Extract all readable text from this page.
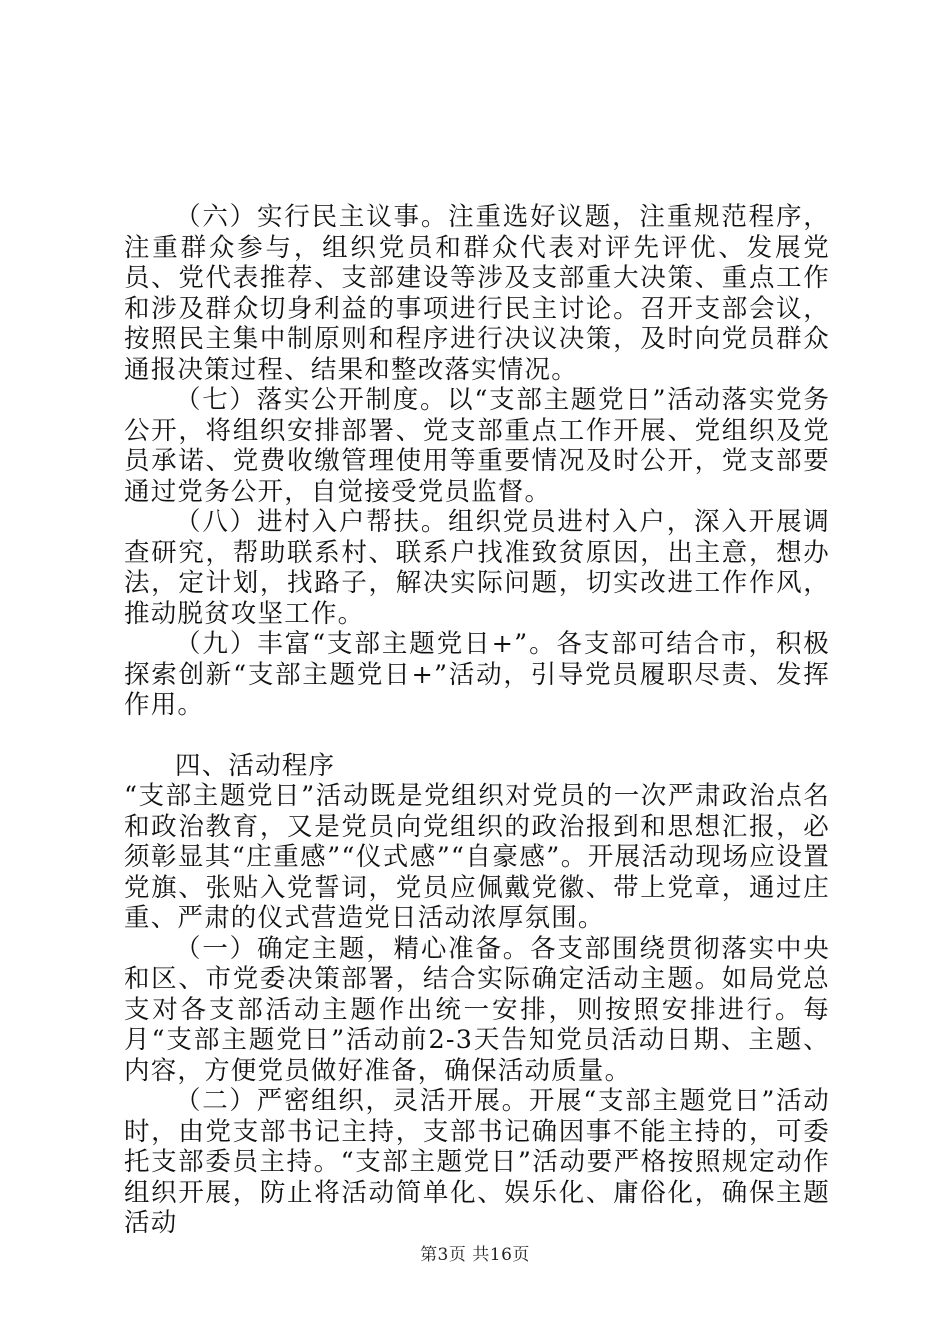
（六）实行民主议事。注重选好议题，注重规范程序，注重群众参与，组织党员和群众代表对评先评优、发展党员、党代表推荐、支部建设等涉及支部重大决策、重点工作和涉及群众切身利益的事项进行民主讨论。召开支部会议，按照民主集中制原则和程序进行决议决策，及时向党员群众通报决策过程、结果和整改落实情况。

（七）落实公开制度。以“支部主题党日”活动落实党务公开，将组织安排部署、党支部重点工作开展、党组织及党员承诺、党费收缴管理使用等重要情况及时公开，党支部要通过党务公开，自觉接受党员监督。

（八）进村入户帮扶。组织党员进村入户，深入开展调查研究，帮助联系村、联系户找准致贫原因，出主意，想办法，定计划，找路子，解决实际问题，切实改进工作作风，推动脱贫攻坚工作。

（九）丰富“支部主题党日+”。各支部可结合市，积极探索创新“支部主题党日+”活动，引导党员履职尽责、发挥作用。

四、活动程序

“支部主题党日”活动既是党组织对党员的一次严肃政治点名和政治教育，又是党员向党组织的政治报到和思想汇报，必须彰显其“庄重感”“仪式感”“自豪感”。开展活动现场应设置党旗、张贴入党誓词，党员应佩戴党徽、带上党章，通过庄重、严肃的仪式营造党日活动浓厚氛围。

（一）确定主题，精心准备。各支部围绕贯彻落实中央和区、市党委决策部署，结合实际确定活动主题。如局党总支对各支部活动主题作出统一安排，则按照安排进行。每月“支部主题党日”活动前2-3天告知党员活动日期、主题、内容，方便党员做好准备，确保活动质量。

（二）严密组织，灵活开展。开展“支部主题党日”活动时，由党支部书记主持，支部书记确因事不能主持的，可委托支部委员主持。“支部主题党日”活动要严格按照规定动作组织开展，防止将活动简单化、娱乐化、庸俗化，确保主题活动

第3页 共16页
